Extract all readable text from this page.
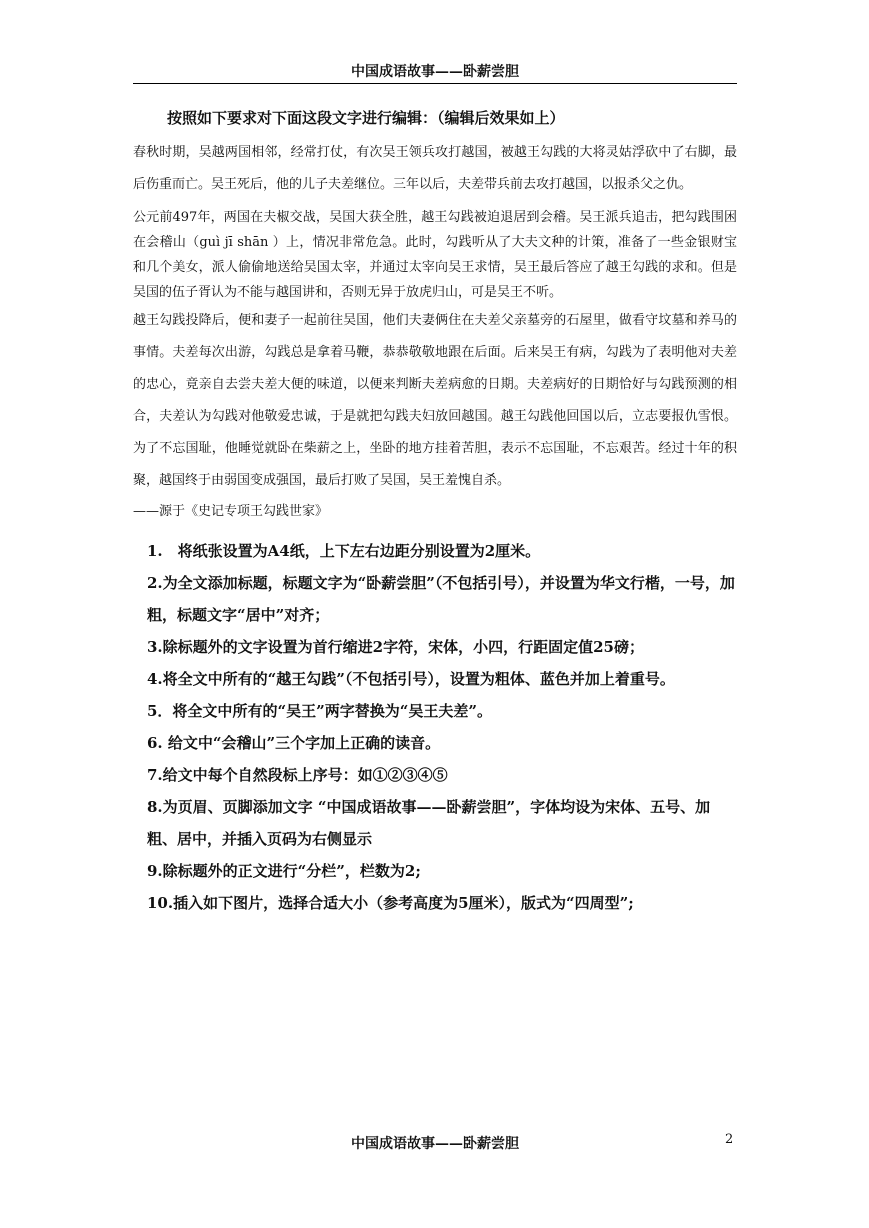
中国成语故事——卧薪尝胆
按照如下要求对下面这段文字进行编辑：（编辑后效果如上）

春秋时期，吴越两国相邻，经常打仗，有次吴王领兵攻打越国，被越王勾践的大将灵姑浮砍中了右脚，最后伤重而亡。吴王死后，他的儿子夫差继位。三年以后，夫差带兵前去攻打越国，以报杀父之仇。

公元前497年，两国在夫椒交战，吴国大获全胜，越王勾践被迫退居到会稽。吴王派兵追击，把勾践围困在会稽山（guì jī shān ）上，情况非常危急。此时，勾践听从了大夫文种的计策，准备了一些金银财宝和几个美女，派人偷偷地送给吴国太宰，并通过太宰向吴王求情，吴王最后答应了越王勾践的求和。但是吴国的伍子胥认为不能与越国讲和，否则无异于放虎归山，可是吴王不听。

越王勾践投降后，便和妻子一起前往吴国，他们夫妻俩住在夫差父亲墓旁的石屋里，做看守坟墓和养马的事情。夫差每次出游，勾践总是拿着马鞭，恭恭敬敬地跟在后面。后来吴王有病，勾践为了表明他对夫差的忠心，竟亲自去尝夫差大便的味道，以便来判断夫差病愈的日期。夫差病好的日期恰好与勾践预测的相合，夫差认为勾践对他敬爱忠诚，于是就把勾践夫妇放回越国。越王勾践他回国以后，立志要报仇雪恨。为了不忘国耻，他睡觉就卧在柴薪之上，坐卧的地方挂着苦胆，表示不忘国耻，不忘艰苦。经过十年的积聚，越国终于由弱国变成强国，最后打败了吴国，吴王羞愧自杀。

——源于《史记专项王勾践世家》

1.　将纸张设置为A4纸，上下左右边距分别设置为2厘米。

2.为全文添加标题，标题文字为“卧薪尝胆”（不包括引号），并设置为华文行楷，一号，加粗，标题文字“居中”对齐；

3.除标题外的文字设置为首行缩进2字符，宋体，小四，行距固定值25磅；

4.将全文中所有的“越王勾践”（不包括引号），设置为粗体、蓝色并加上着重号。

5．将全文中所有的“吴王”两字替换为“吴王夫差”。

6. 给文中“会稽山”三个字加上正确的读音。

7.给文中每个自然段标上序号：如①②③④⑤

8.为页眉、页脚添加文字 “中国成语故事——卧薪尝胆”，字体均设为宋体、五号、加粗、居中，并插入页码为右侧显示

9.除标题外的正文进行“分栏”，栏数为2;

10.插入如下图片，选择合适大小（参考高度为5厘米），版式为“四周型”;

中国成语故事——卧薪尝胆	2
